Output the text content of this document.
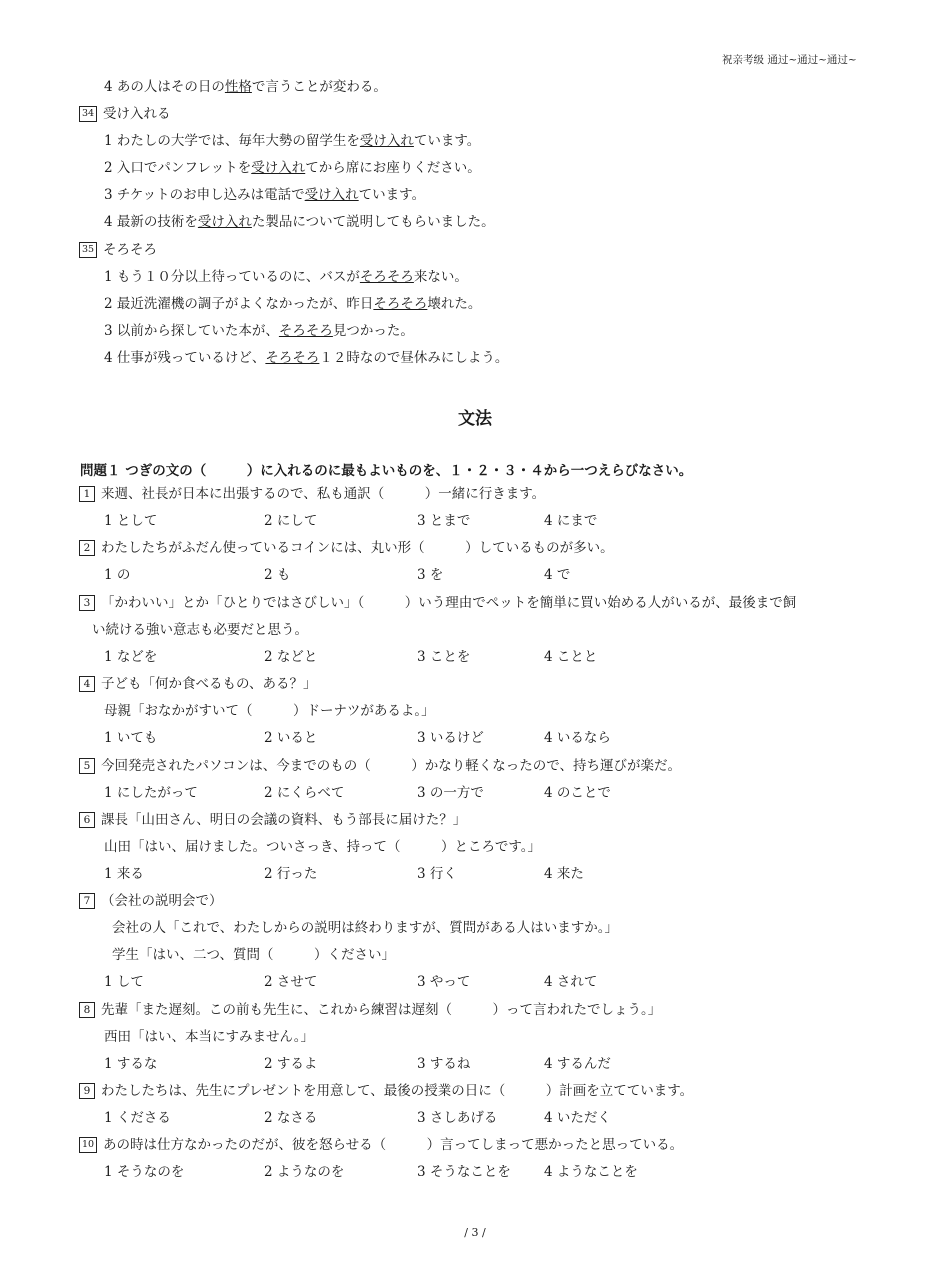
祝亲考级 通过~通过~通过~
4 あの人はその日の性格で言うことが変わる。
34 受け入れる
1 わたしの大学では、毎年大勢の留学生を受け入れています。
2 入口でパンフレットを受け入れてから席にお座りください。
3 チケットのお申し込みは電話で受け入れています。
4 最新の技術を受け入れた製品について説明してもらいました。
35 そろそろ
1 もう１０分以上待っているのに、バスがそろそろ来ない。
2 最近洗濯機の調子がよくなかったが、昨日そろそろ壊れた。
3 以前から探していた本が、そろそろ見つかった。
4 仕事が残っているけど、そろそろ１２時なので昼休みにしよう。
文法
問題１ つぎの文の（　　　）に入れるのに最もよいものを、１・２・３・４から一つえらびなさい。
1 来週、社長が日本に出張するので、私も通訳（　　　）一緒に行きます。
1 として	2 にして	3 とまで	4 にまで
2 わたしたちがふだん使っているコインには、丸い形（　　　）しているものが多い。
1 の	2 も	3 を	4 で
3 「かわいい」とか「ひとりではさびしい」（　　　）いう理由でペットを簡単に買い始める人がいるが、最後まで飼
い続ける強い意志も必要だと思う。
1 などを	2 などと	3 ことを	4 ことと
4 子ども「何か食べるもの、ある？」
母親「おなかがすいて（　　　）ドーナツがあるよ。」
1 いても	2 いると	3 いるけど	4 いるなら
5 今回発売されたパソコンは、今までのもの（　　　）かなり軽くなったので、持ち運びが楽だ。
1 にしたがって	2 にくらべて	3 の一方で	4 のことで
6 課長「山田さん、明日の会議の資料、もう部長に届けた？」
山田「はい、届けました。ついさっき、持って（　　　）ところです。」
1 来る	2 行った	3 行く	4 来た
7 （会社の説明会で）
会社の人「これで、わたしからの説明は終わりますが、質問がある人はいますか。」
学生「はい、二つ、質問（　　　）ください」
1 して	2 させて	3 やって	4 されて
8 先輩「また遅刻。この前も先生に、これから練習は遅刻（　　　）って言われたでしょう。」
西田「はい、本当にすみません。」
1 するな	2 するよ	3 するね	4 するんだ
9 わたしたちは、先生にプレゼントを用意して、最後の授業の日に（　　　）計画を立てています。
1 くださる	2 なさる	3 さしあげる	4 いただく
10 あの時は仕方なかったのだが、彼を怒らせる（　　　）言ってしまって悪かったと思っている。
1 そうなのを	2 ようなのを	3 そうなことを 4 ようなことを
/ 3 /
